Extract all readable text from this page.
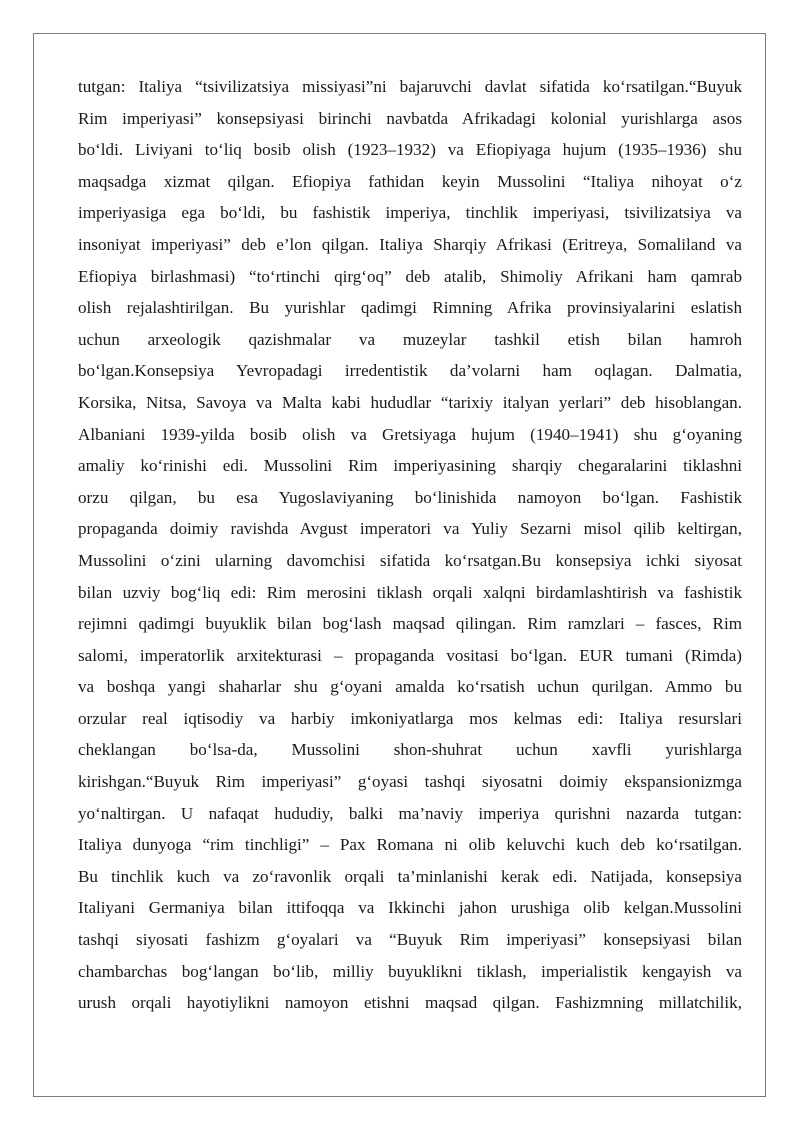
tutgan: Italiya “tsivilizatsiya missiyasi”ni bajaruvchi davlat sifatida ko‘rsatilgan.“Buyuk
Rim imperiyasi” konsepsiyasi birinchi navbatda Afrikadagi kolonial yurishlarga asos
bo‘ldi. Liviyani to‘liq bosib olish (1923–1932) va Efiopiyaga hujum (1935–1936) shu
maqsadga xizmat qilgan. Efiopiya fathidan keyin Mussolini “Italiya nihoyat o‘z
imperiyasiga ega bo‘ldi, bu fashistik imperiya, tinchlik imperiyasi, tsivilizatsiya va
insoniyat imperiyasi” deb e’lon qilgan. Italiya Sharqiy Afrikasi (Eritreya, Somaliland va
Efiopiya birlashmasi) “to‘rtinchi qirg‘oq” deb atalib, Shimoliy Afrikani ham qamrab
olish rejalashtirilgan. Bu yurishlar qadimgi Rimning Afrika provinsiyalarini eslatish
uchun arxeologik qazishmalar va muzeylar tashkil etish bilan hamroh
bo‘lgan.Konsepsiya Yevropadagi irredentistik da’volarni ham oqlagan. Dalmatia,
Korsika, Nitsa, Savoya va Malta kabi hududlar “tarixiy italyan yerlari” deb hisoblangan.
Albaniani 1939-yilda bosib olish va Gretsiyaga hujum (1940–1941) shu g‘oyaning
amaliy ko‘rinishi edi. Mussolini Rim imperiyasining sharqiy chegaralarini tiklashni
orzu qilgan, bu esa Yugoslaviyaning bo‘linishida namoyon bo‘lgan. Fashistik
propaganda doimiy ravishda Avgust imperatori va Yuliy Sezarni misol qilib keltirgan,
Mussolini o‘zini ularning davomchisi sifatida ko‘rsatgan.Bu konsepsiya ichki siyosat
bilan uzviy bog‘liq edi: Rim merosini tiklash orqali xalqni birdamlashtirish va fashistik
rejimni qadimgi buyuklik bilan bog‘lash maqsad qilingan. Rim ramzlari – fasces, Rim
salomi, imperatorlik arxitekturasi – propaganda vositasi bo‘lgan. EUR tumani (Rimda)
va boshqa yangi shaharlar shu g‘oyani amalda ko‘rsatish uchun qurilgan. Ammo bu
orzular real iqtisodiy va harbiy imkoniyatlarga mos kelmas edi: Italiya resurslari
cheklangan bo‘lsa-da, Mussolini shon-shuhrat uchun xavfli yurishlarga
kirishgan.“Buyuk Rim imperiyasi” g‘oyasi tashqi siyosatni doimiy ekspansionizmga
yo‘naltirgan. U nafaqat hududiy, balki ma’naviy imperiya qurishni nazarda tutgan:
Italiya dunyoga “rim tinchligi” – Pax Romana ni olib keluvchi kuch deb ko‘rsatilgan.
Bu tinchlik kuch va zo‘ravonlik orqali ta’minlanishi kerak edi. Natijada, konsepsiya
Italiyani Germaniya bilan ittifoqqa va Ikkinchi jahon urushiga olib kelgan.Mussolini
tashqi siyosati fashizm g‘oyalari va “Buyuk Rim imperiyasi” konsepsiyasi bilan
chambarchas bog‘langan bo‘lib, milliy buyuklikni tiklash, imperialistik kengayish va
urush orqali hayotiylikni namoyon etishni maqsad qilgan. Fashizmning millatchilik,
